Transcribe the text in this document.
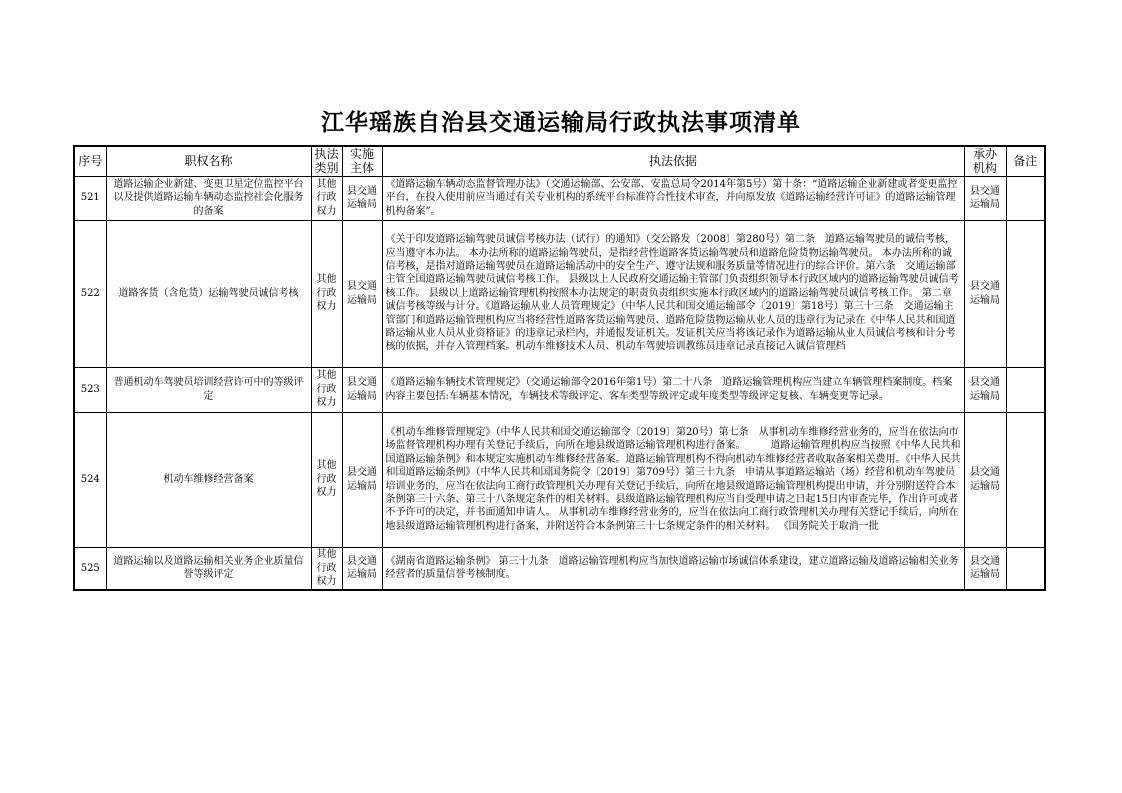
江华瑶族自治县交通运输局行政执法事项清单
序号	职权名称	执法类别	实施主体	执法依据	承办机构	备注
521	道路运输企业新建、变更卫星定位监控平台以及提供道路运输车辆动态监控社会化服务的备案	其他行政权力	县交通运输局	《道路运输车辆动态监督管理办法》（交通运输部、公安部、安监总局令2014年第5号）第十条：“道路运输企业新建或者变更监控平台，在投入使用前应当通过有关专业机构的系统平台标准符合性技术审查，并向原发放《道路运输经营许可证》的道路运输管理机构备案”。	县交通运输局	
522	道路客货（含危货）运输驾驶员诚信考核	其他行政权力	县交通运输局	《关于印发道路运输驾驶员诚信考核办法（试行）的通知》（交公路发〔2008〕第280号）第二条　道路运输驾驶员的诚信考核，应当遵守本办法。 本办法所称的道路运输驾驶员，是指经营性道路客货运输驾驶员和道路危险货物运输驾驶员。 本办法所称的诚信考核，是指对道路运输驾驶员在道路运输活动中的安全生产、遵守法规和服务质量等情况进行的综合评价。第六条　交通运输部主管全国道路运输驾驶员诚信考核工作。 县级以上人民政府交通运输主管部门负责组织领导本行政区域内的道路运输驾驶员诚信考核工作。 县级以上道路运输管理机构按照本办法规定的职责负责组织实施本行政区域内的道路运输驾驶员诚信考核工作。 第二章诚信考核等级与计分。《道路运输从业人员管理规定》（中华人民共和国交通运输部令〔2019〕第18号）第三十三条　交通运输主管部门和道路运输管理机构应当将经营性道路客货运输驾驶员、道路危险货物运输从业人员的违章行为记录在《中华人民共和国道路运输从业人员从业资格证》的违章记录栏内，并通报发证机关。发证机关应当将该记录作为道路运输从业人员诚信考核和计分考核的依据，并存入管理档案。机动车维修技术人员、机动车驾驶培训教练员违章记录直接记入诚信管理档	县交通运输局	
523	普通机动车驾驶员培训经营许可中的等级评定	其他行政权力	县交通运输局	《道路运输车辆技术管理规定》（交通运输部令2016年第1号）第二十八条　道路运输管理机构应当建立车辆管理档案制度。档案内容主要包括:车辆基本情况，车辆技术等级评定、客车类型等级评定或年度类型等级评定复核、车辆变更等记录。	县交通运输局	
524	机动车维修经营备案	其他行政权力	县交通运输局	《机动车维修管理规定》（中华人民共和国交通运输部令〔2019〕第20号）第七条　从事机动车维修经营业务的，应当在依法向市场监督管理机构办理有关登记手续后，向所在地县级道路运输管理机构进行备案。　　　道路运输管理机构应当按照《中华人民共和国道路运输条例》和本规定实施机动车维修经营备案。道路运输管理机构不得向机动车维修经营者收取备案相关费用。《中华人民共和国道路运输条例》（中华人民共和国国务院令〔2019〕第709号）第三十九条　申请从事道路运输站（场）经营和机动车驾驶员培训业务的，应当在依法向工商行政管理机关办理有关登记手续后，向所在地县级道路运输管理机构提出申请，并分别附送符合本条例第三十六条、第三十八条规定条件的相关材料。县级道路运输管理机构应当自受理申请之日起15日内审查完毕，作出许可或者不予许可的决定，并书面通知申请人。 从事机动车维修经营业务的，应当在依法向工商行政管理机关办理有关登记手续后，向所在地县级道路运输管理机构进行备案，并附送符合本条例第三十七条规定条件的相关材料。 《国务院关于取消一批	县交通运输局	
525	道路运输以及道路运输相关业务企业质量信誉等级评定	其他行政权力	县交通运输局	《湖南省道路运输条例》 第三十九条　道路运输管理机构应当加快道路运输市场诚信体系建设，建立道路运输及道路运输相关业务经营者的质量信誉考核制度。	县交通运输局	
